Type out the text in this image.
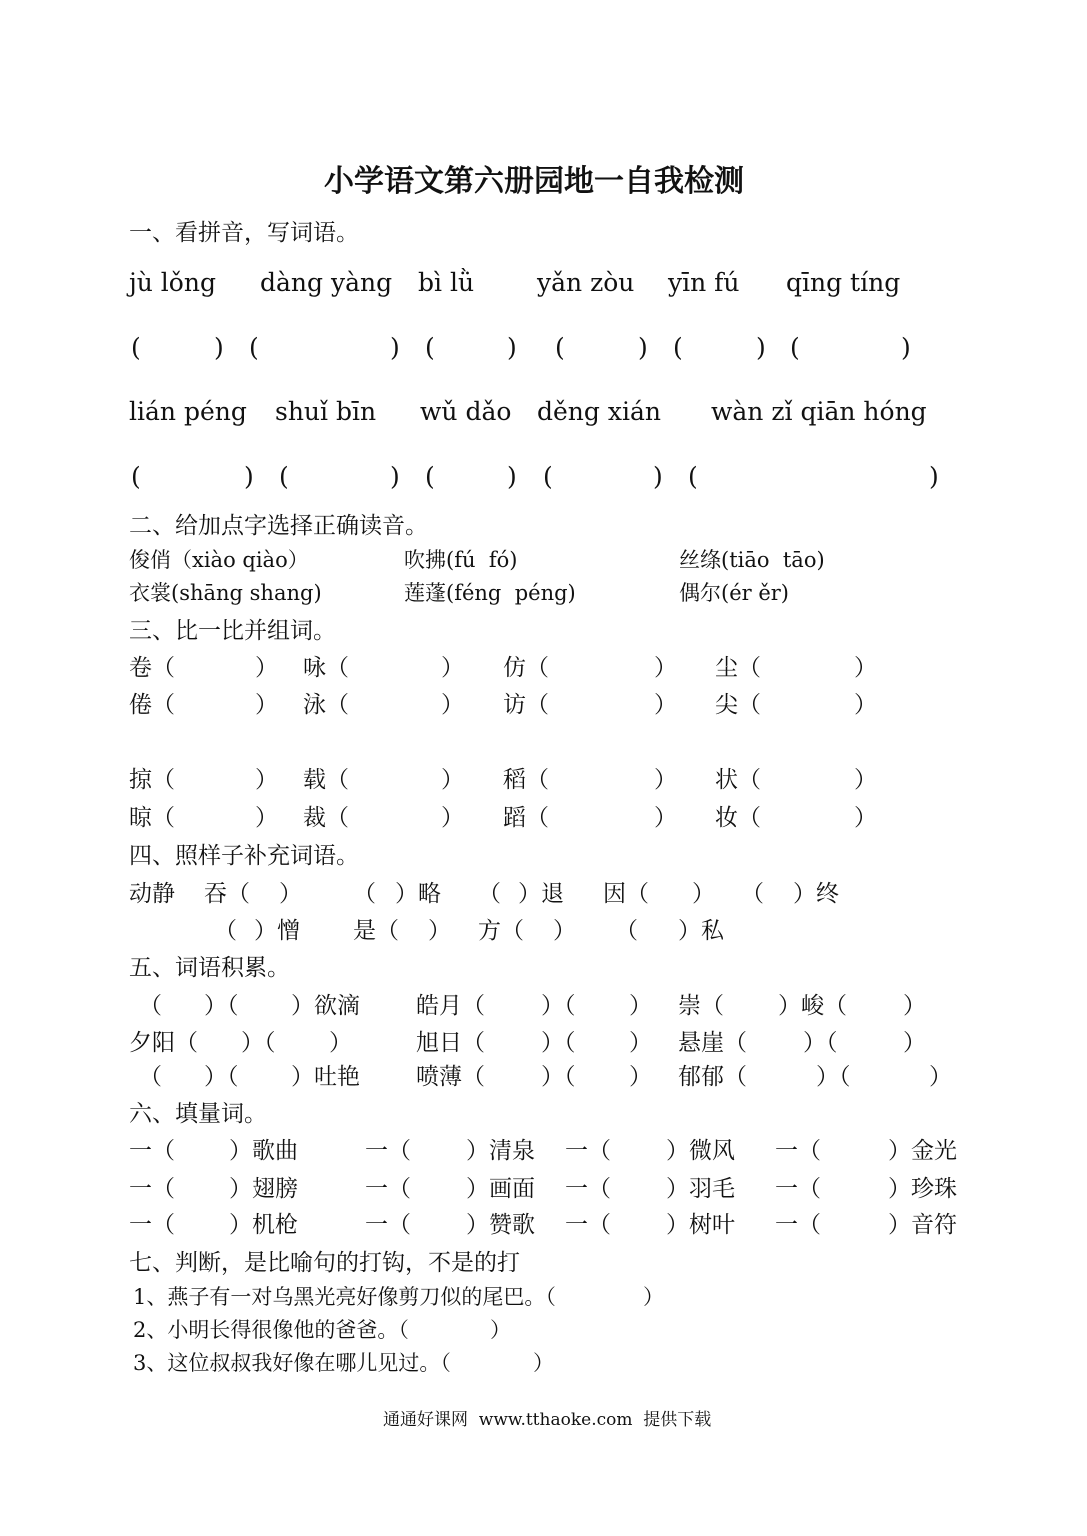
小学语文第六册园地一自我检测
一、看拼音，写词语。
jù lǒng dàng yàng bì lǜ	yǎn zòu yīn fú qīng tíng
(	) (	) (	) (	) (	) (	)
lián péng shuǐ bīn wǔ dǎo děng xián wàn zǐ qiān hóng
(	) (	) (	) (	) (	)
二、给加点字选择正确读音。
俊俏（xiào qiào）	吹拂(fú  fó)	丝绦(tiāo  tāo)
衣裳(shāng shang)	莲蓬(féng  péng)	偶尔(ér ěr)
三、比一比并组词。
卷（	） 咏（	） 仿（	） 尘（	）
倦（	） 泳（	） 访（	） 尖（	）
掠（	） 载（	） 稻（	） 状（	）
晾（	） 裁（	） 蹈（	） 妆（	）
四、照样子补充词语。
动静 吞（ ） （ ）略 （ ）退 因（ ） （ ）终
（ ）憎 是（ ） 方（ ） （ ）私
五、词语积累。
（ ）（ ）欲滴 皓月（ ）（ ） 崇（ ）峻（ ）
夕阳（ ）（ ）	旭日（ ）（ ） 悬崖（ ）（	）
（ ）（ ）吐艳 喷薄（ ）（ ） 郁郁（	）（	）
六、填量词。
一（ ）歌曲	一（ ）清泉 一（ ）微风 一（	）金光
一（ ）翅膀	一（ ）画面 一（ ）羽毛 一（	）珍珠
一（ ）机枪	一（ ）赞歌 一（ ）树叶 一（	）音符
七、判断，是比喻句的打钩，不是的打
1、燕子有一对乌黑光亮好像剪刀似的尾巴。（	）
2、小明长得很像他的爸爸。（	）
3、这位叔叔我好像在哪儿见过。（	）
通通好课网  www.tthaoke.com  提供下载
